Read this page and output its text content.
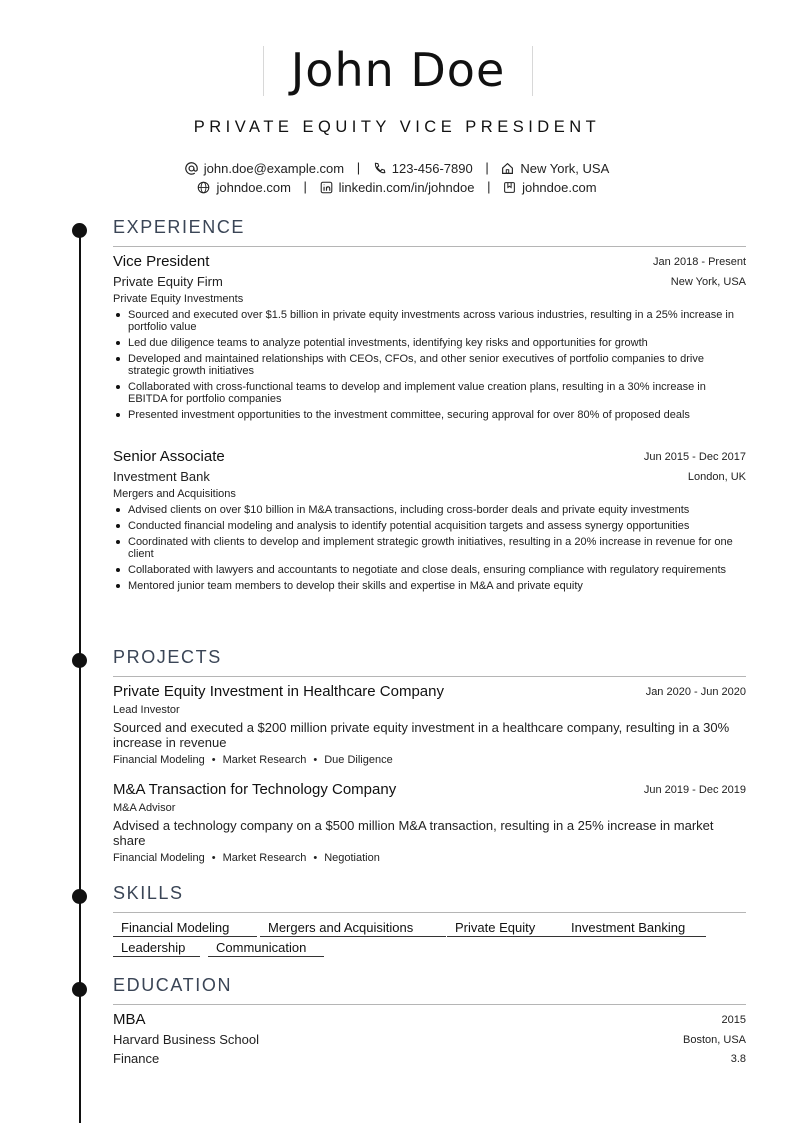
John Doe
PRIVATE EQUITY VICE PRESIDENT
john.doe@example.com | 123-456-7890 | New York, USA
johndoe.com | linkedin.com/in/johndoe | johndoe.com
EXPERIENCE
Vice President	Jan 2018 - Present
Private Equity Firm	New York, USA
Private Equity Investments
Sourced and executed over $1.5 billion in private equity investments across various industries, resulting in a 25% increase in portfolio value
Led due diligence teams to analyze potential investments, identifying key risks and opportunities for growth
Developed and maintained relationships with CEOs, CFOs, and other senior executives of portfolio companies to drive strategic growth initiatives
Collaborated with cross-functional teams to develop and implement value creation plans, resulting in a 30% increase in EBITDA for portfolio companies
Presented investment opportunities to the investment committee, securing approval for over 80% of proposed deals
Senior Associate	Jun 2015 - Dec 2017
Investment Bank	London, UK
Mergers and Acquisitions
Advised clients on over $10 billion in M&A transactions, including cross-border deals and private equity investments
Conducted financial modeling and analysis to identify potential acquisition targets and assess synergy opportunities
Coordinated with clients to develop and implement strategic growth initiatives, resulting in a 20% increase in revenue for one client
Collaborated with lawyers and accountants to negotiate and close deals, ensuring compliance with regulatory requirements
Mentored junior team members to develop their skills and expertise in M&A and private equity
PROJECTS
Private Equity Investment in Healthcare Company	Jan 2020 - Jun 2020
Lead Investor
Sourced and executed a $200 million private equity investment in a healthcare company, resulting in a 30% increase in revenue
Financial Modeling • Market Research • Due Diligence
M&A Transaction for Technology Company	Jun 2019 - Dec 2019
M&A Advisor
Advised a technology company on a $500 million M&A transaction, resulting in a 25% increase in market share
Financial Modeling • Market Research • Negotiation
SKILLS
Financial Modeling	Mergers and Acquisitions	Private Equity	Investment Banking
Leadership	Communication
EDUCATION
MBA	2015
Harvard Business School	Boston, USA
Finance	3.8
